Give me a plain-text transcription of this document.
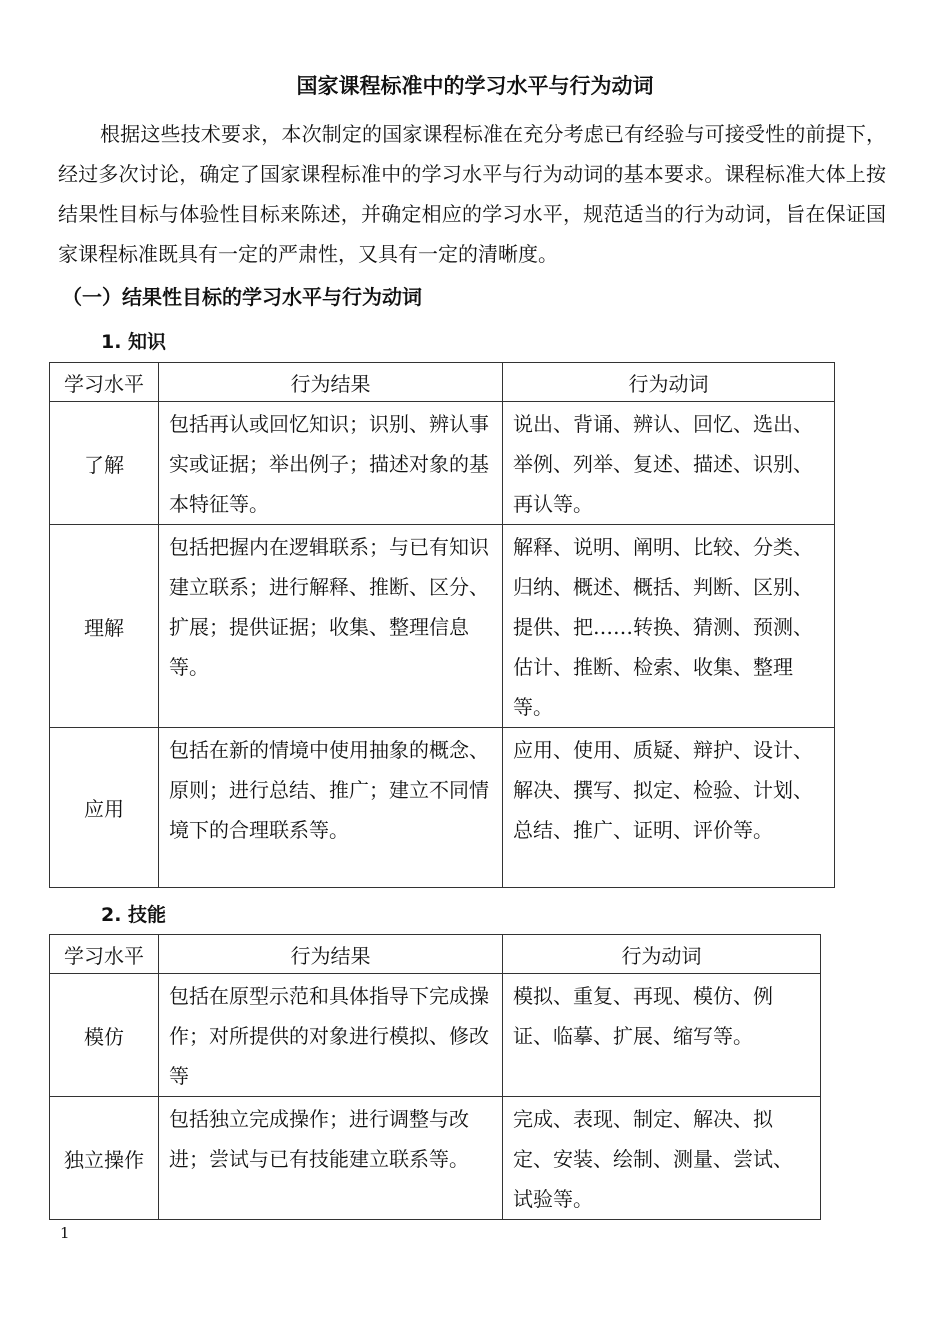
国家课程标准中的学习水平与行为动词

根据这些技术要求，本次制定的国家课程标准在充分考虑已有经验与可接受性的前提下，经过多次讨论，确定了国家课程标准中的学习水平与行为动词的基本要求。课程标准大体上按结果性目标与体验性目标来陈述，并确定相应的学习水平，规范适当的行为动词，旨在保证国家课程标准既具有一定的严肃性，又具有一定的清晰度。

（一）结果性目标的学习水平与行为动词
1. 知识
学习水平	行为结果	行为动词
了解	包括再认或回忆知识；识别、辨认事实或证据；举出例子；描述对象的基本特征等。	说出、背诵、辨认、回忆、选出、举例、列举、复述、描述、识别、再认等。
理解	包括把握内在逻辑联系；与已有知识建立联系；进行解释、推断、区分、扩展；提供证据；收集、整理信息等。	解释、说明、阐明、比较、分类、归纳、概述、概括、判断、区别、提供、把……转换、猜测、预测、估计、推断、检索、收集、整理等。
应用	包括在新的情境中使用抽象的概念、原则；进行总结、推广；建立不同情境下的合理联系等。	应用、使用、质疑、辩护、设计、解决、撰写、拟定、检验、计划、总结、推广、证明、评价等。
2. 技能
学习水平	行为结果	行为动词
模仿	包括在原型示范和具体指导下完成操作；对所提供的对象进行模拟、修改等	模拟、重复、再现、模仿、例证、临摹、扩展、缩写等。
独立操作	包括独立完成操作；进行调整与改进；尝试与已有技能建立联系等。	完成、表现、制定、解决、拟定、安装、绘制、测量、尝试、试验等。
1
